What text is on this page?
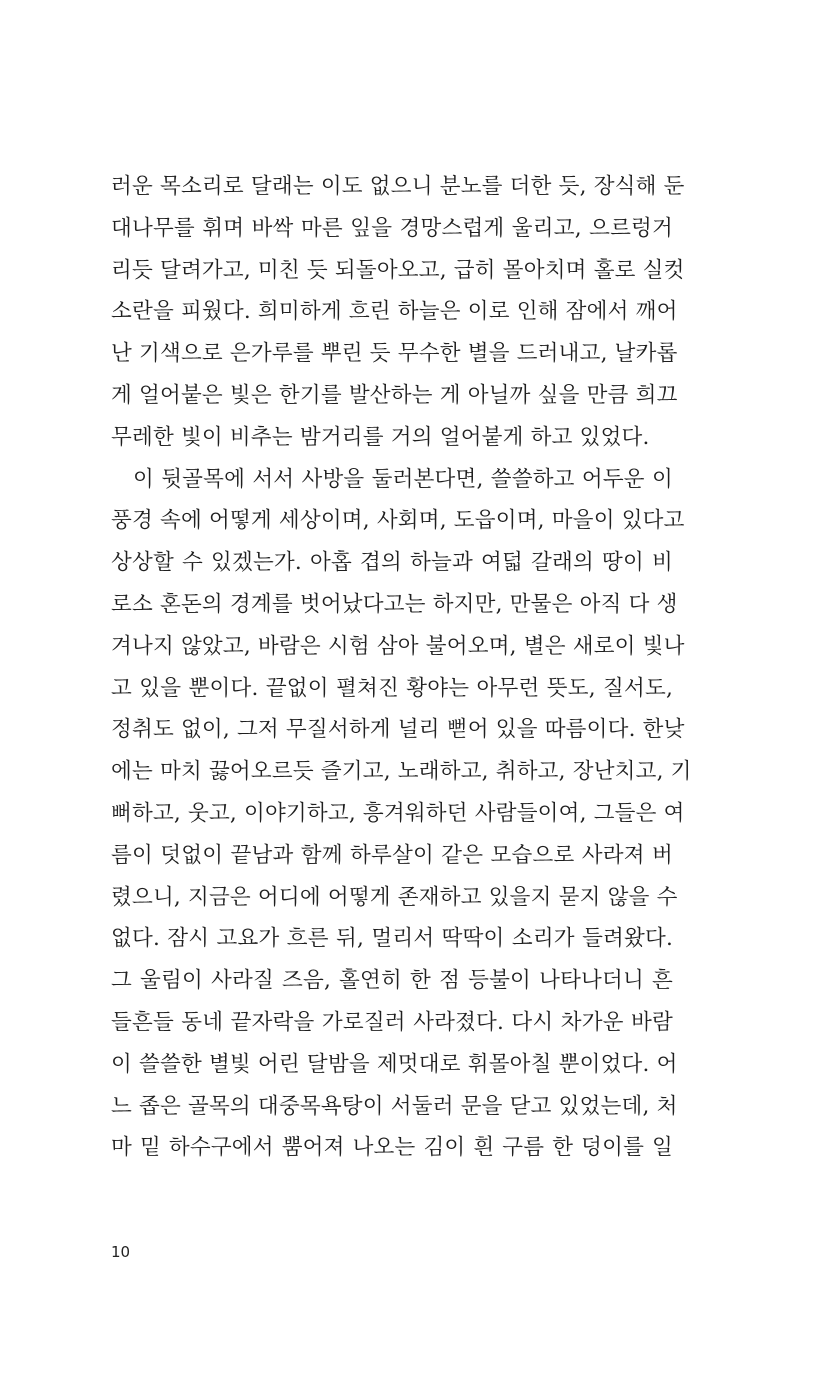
러운 목소리로 달래는 이도 없으니 분노를 더한 듯, 장식해 둔
대나무를 휘며 바싹 마른 잎을 경망스럽게 울리고, 으르렁거
리듯 달려가고, 미친 듯 되돌아오고, 급히 몰아치며 홀로 실컷
소란을 피웠다. 희미하게 흐린 하늘은 이로 인해 잠에서 깨어
난 기색으로 은가루를 뿌린 듯 무수한 별을 드러내고, 날카롭
게 얼어붙은 빛은 한기를 발산하는 게 아닐까 싶을 만큼 희끄
무레한 빛이 비추는 밤거리를 거의 얼어붙게 하고 있었다.
이 뒷골목에 서서 사방을 둘러본다면, 쓸쓸하고 어두운 이
풍경 속에 어떻게 세상이며, 사회며, 도읍이며, 마을이 있다고
상상할 수 있겠는가. 아홉 겹의 하늘과 여덟 갈래의 땅이 비
로소 혼돈의 경계를 벗어났다고는 하지만, 만물은 아직 다 생
겨나지 않았고, 바람은 시험 삼아 불어오며, 별은 새로이 빛나
고 있을 뿐이다. 끝없이 펼쳐진 황야는 아무런 뜻도, 질서도,
정취도 없이, 그저 무질서하게 널리 뻗어 있을 따름이다. 한낮
에는 마치 끓어오르듯 즐기고, 노래하고, 취하고, 장난치고, 기
뻐하고, 웃고, 이야기하고, 흥겨워하던 사람들이여, 그들은 여
름이 덧없이 끝남과 함께 하루살이 같은 모습으로 사라져 버
렸으니, 지금은 어디에 어떻게 존재하고 있을지 묻지 않을 수
없다. 잠시 고요가 흐른 뒤, 멀리서 딱딱이 소리가 들려왔다.
그 울림이 사라질 즈음, 홀연히 한 점 등불이 나타나더니 흔
들흔들 동네 끝자락을 가로질러 사라졌다. 다시 차가운 바람
이 쓸쓸한 별빛 어린 달밤을 제멋대로 휘몰아칠 뿐이었다. 어
느 좁은 골목의 대중목욕탕이 서둘러 문을 닫고 있었는데, 처
마 밑 하수구에서 뿜어져 나오는 김이 흰 구름 한 덩이를 일
10
